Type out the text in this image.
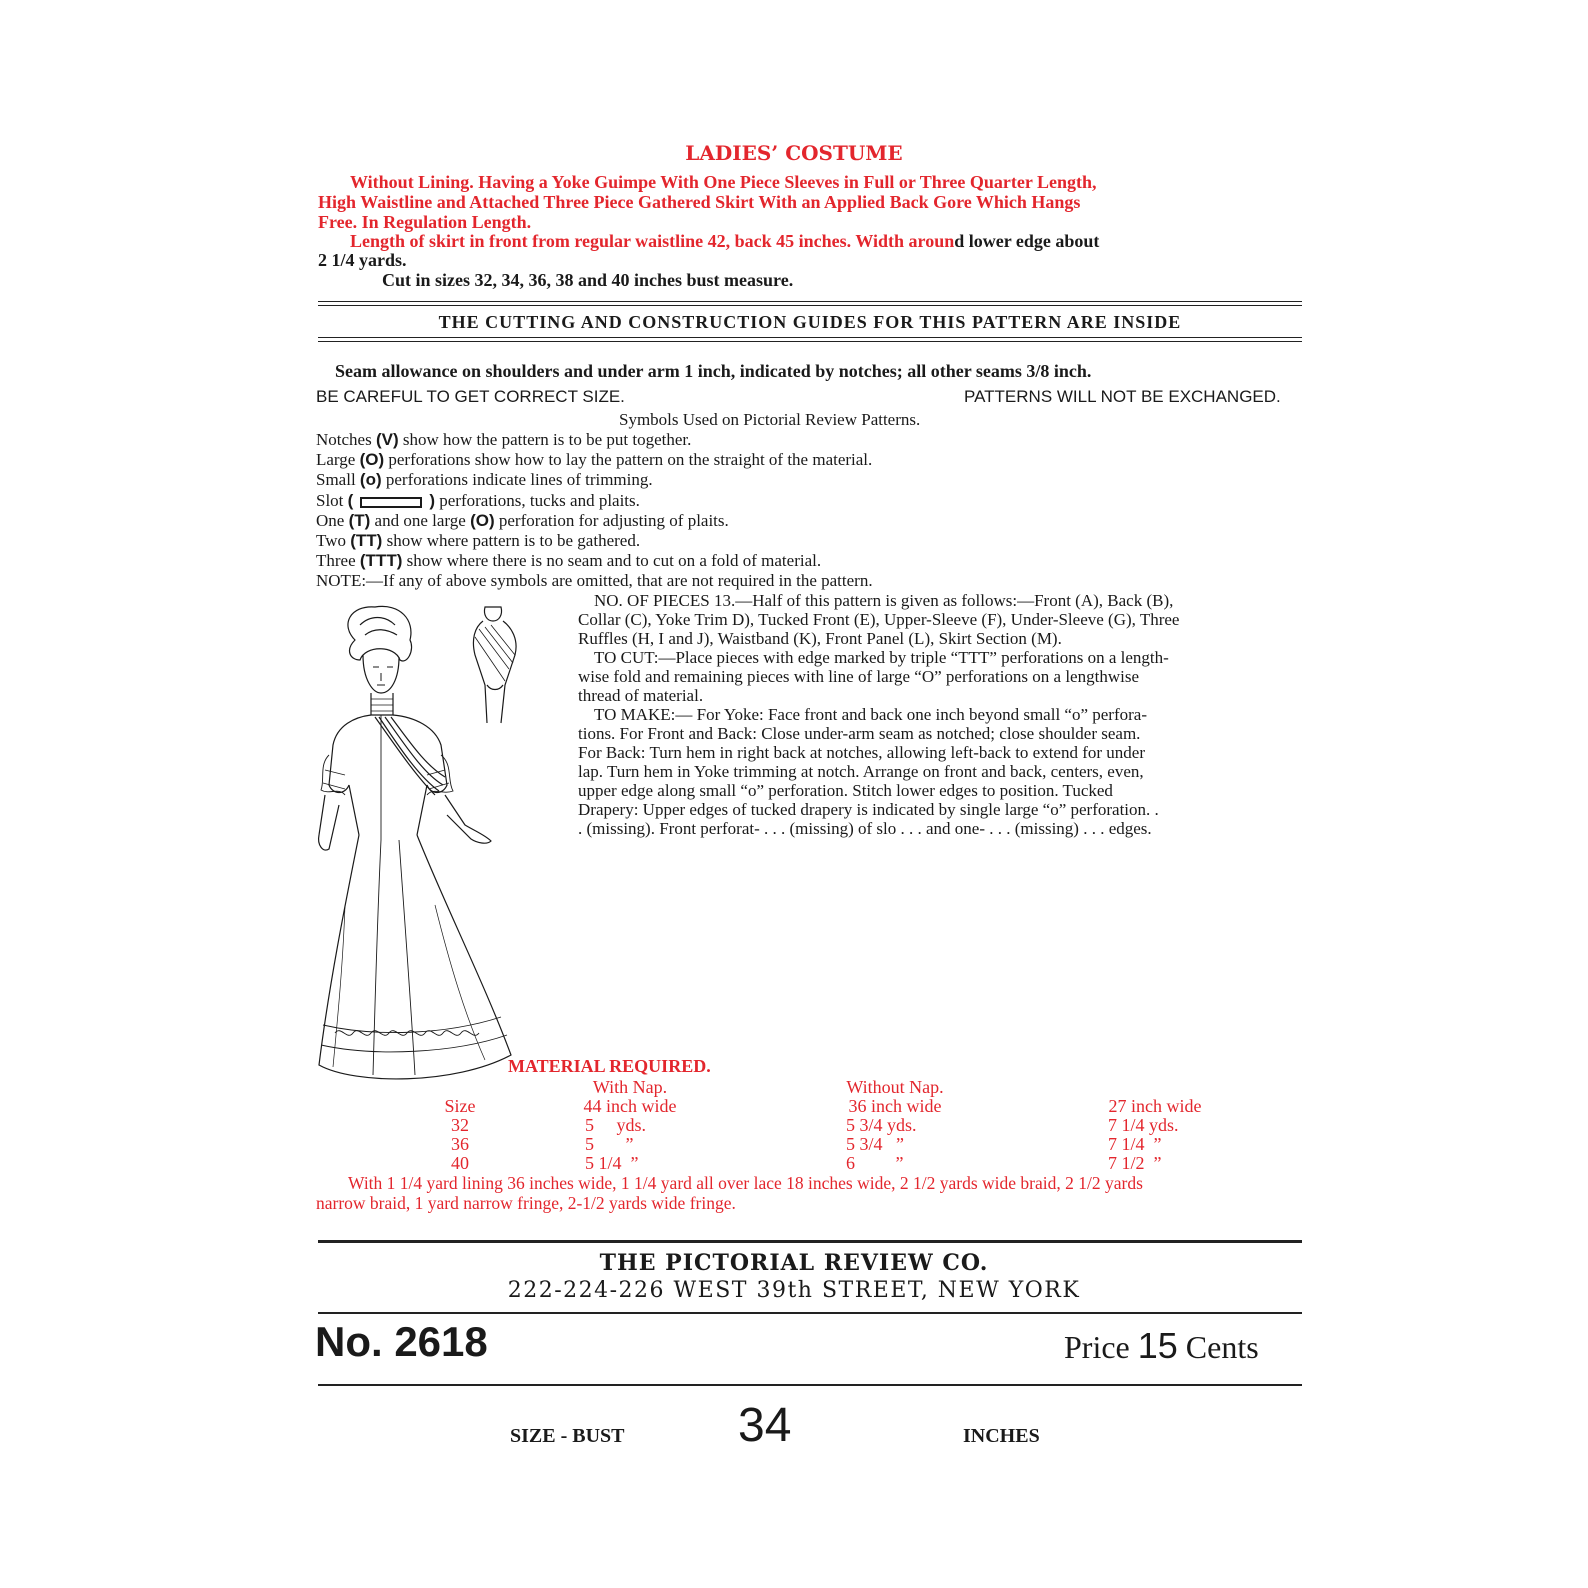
LADIES’ COSTUME
Without Lining. Having a Yoke Guimpe With One Piece Sleeves in Full or Three Quarter Length,
High Waistline and Attached Three Piece Gathered Skirt With an Applied Back Gore Which Hangs
Free. In Regulation Length.
Length of skirt in front from regular waistline 42, back 45 inches. Width around lower edge about
2 1/4 yards.
Cut in sizes 32, 34, 36, 38 and 40 inches bust measure.
THE CUTTING AND CONSTRUCTION GUIDES FOR THIS PATTERN ARE INSIDE
Seam allowance on shoulders and under arm 1 inch, indicated by notches; all other seams 3/8 inch.
BE CAREFUL TO GET CORRECT SIZE.	PATTERNS WILL NOT BE EXCHANGED.
Symbols Used on Pictorial Review Patterns.
Notches (V) show how the pattern is to be put together.
Large (O) perforations show how to lay the pattern on the straight of the material.
Small (o) perforations indicate lines of trimming.
Slot (	) perforations, tucks and plaits.
One (T) and one large (O) perforation for adjusting of plaits.
Two (TT) show where pattern is to be gathered.
Three (TTT) show where there is no seam and to cut on a fold of material.
NOTE:—If any of above symbols are omitted, that are not required in the pattern.
NO. OF PIECES 13.—Half of this pattern is given as follows:—Front (A), Back (B),
Collar (C), Yoke Trim D), Tucked Front (E), Upper-Sleeve (F), Under-Sleeve (G), Three
Ruffles (H, I and J), Waistband (K), Front Panel (L), Skirt Section (M).
TO CUT:—Place pieces with edge marked by triple “TTT” perforations on a length-
wise fold and remaining pieces with line of large “O” perforations on a lengthwise
thread of material.
TO MAKE:— For Yoke: Face front and back one inch beyond small “o” perfora-
tions. For Front and Back: Close under-arm seam as notched; close shoulder seam.
For Back: Turn hem in right back at notches, allowing left-back to extend for under
lap. Turn hem in Yoke trimming at notch. Arrange on front and back, centers, even,
upper edge along small “o” perforation. Stitch lower edges to position. Tucked
Drapery: Upper edges of tucked drapery is indicated by single large “o” perforation. .
. (missing). Front perforat- . . . (missing) of slo . . . and one- . . . (missing) . . . edges.
MATERIAL REQUIRED.
With Nap.	Without Nap.
Size	44 inch wide	36 inch wide	27 inch wide
32	5     yds.	5 3/4 yds.	7 1/4 yds.
36	5       ”	5 3/4   ”	7 1/4  ”
40	5 1/4  ”	6         ”	7 1/2  ”
With 1 1/4 yard lining 36 inches wide, 1 1/4 yard all over lace 18 inches wide, 2 1/2 yards wide braid, 2 1/2 yards
narrow braid, 1 yard narrow fringe, 2-1/2 yards wide fringe.
THE PICTORIAL REVIEW CO.
222-224-226 WEST 39th STREET, NEW YORK
No. 2618	Price 15 Cents
SIZE - BUST 34	INCHES
